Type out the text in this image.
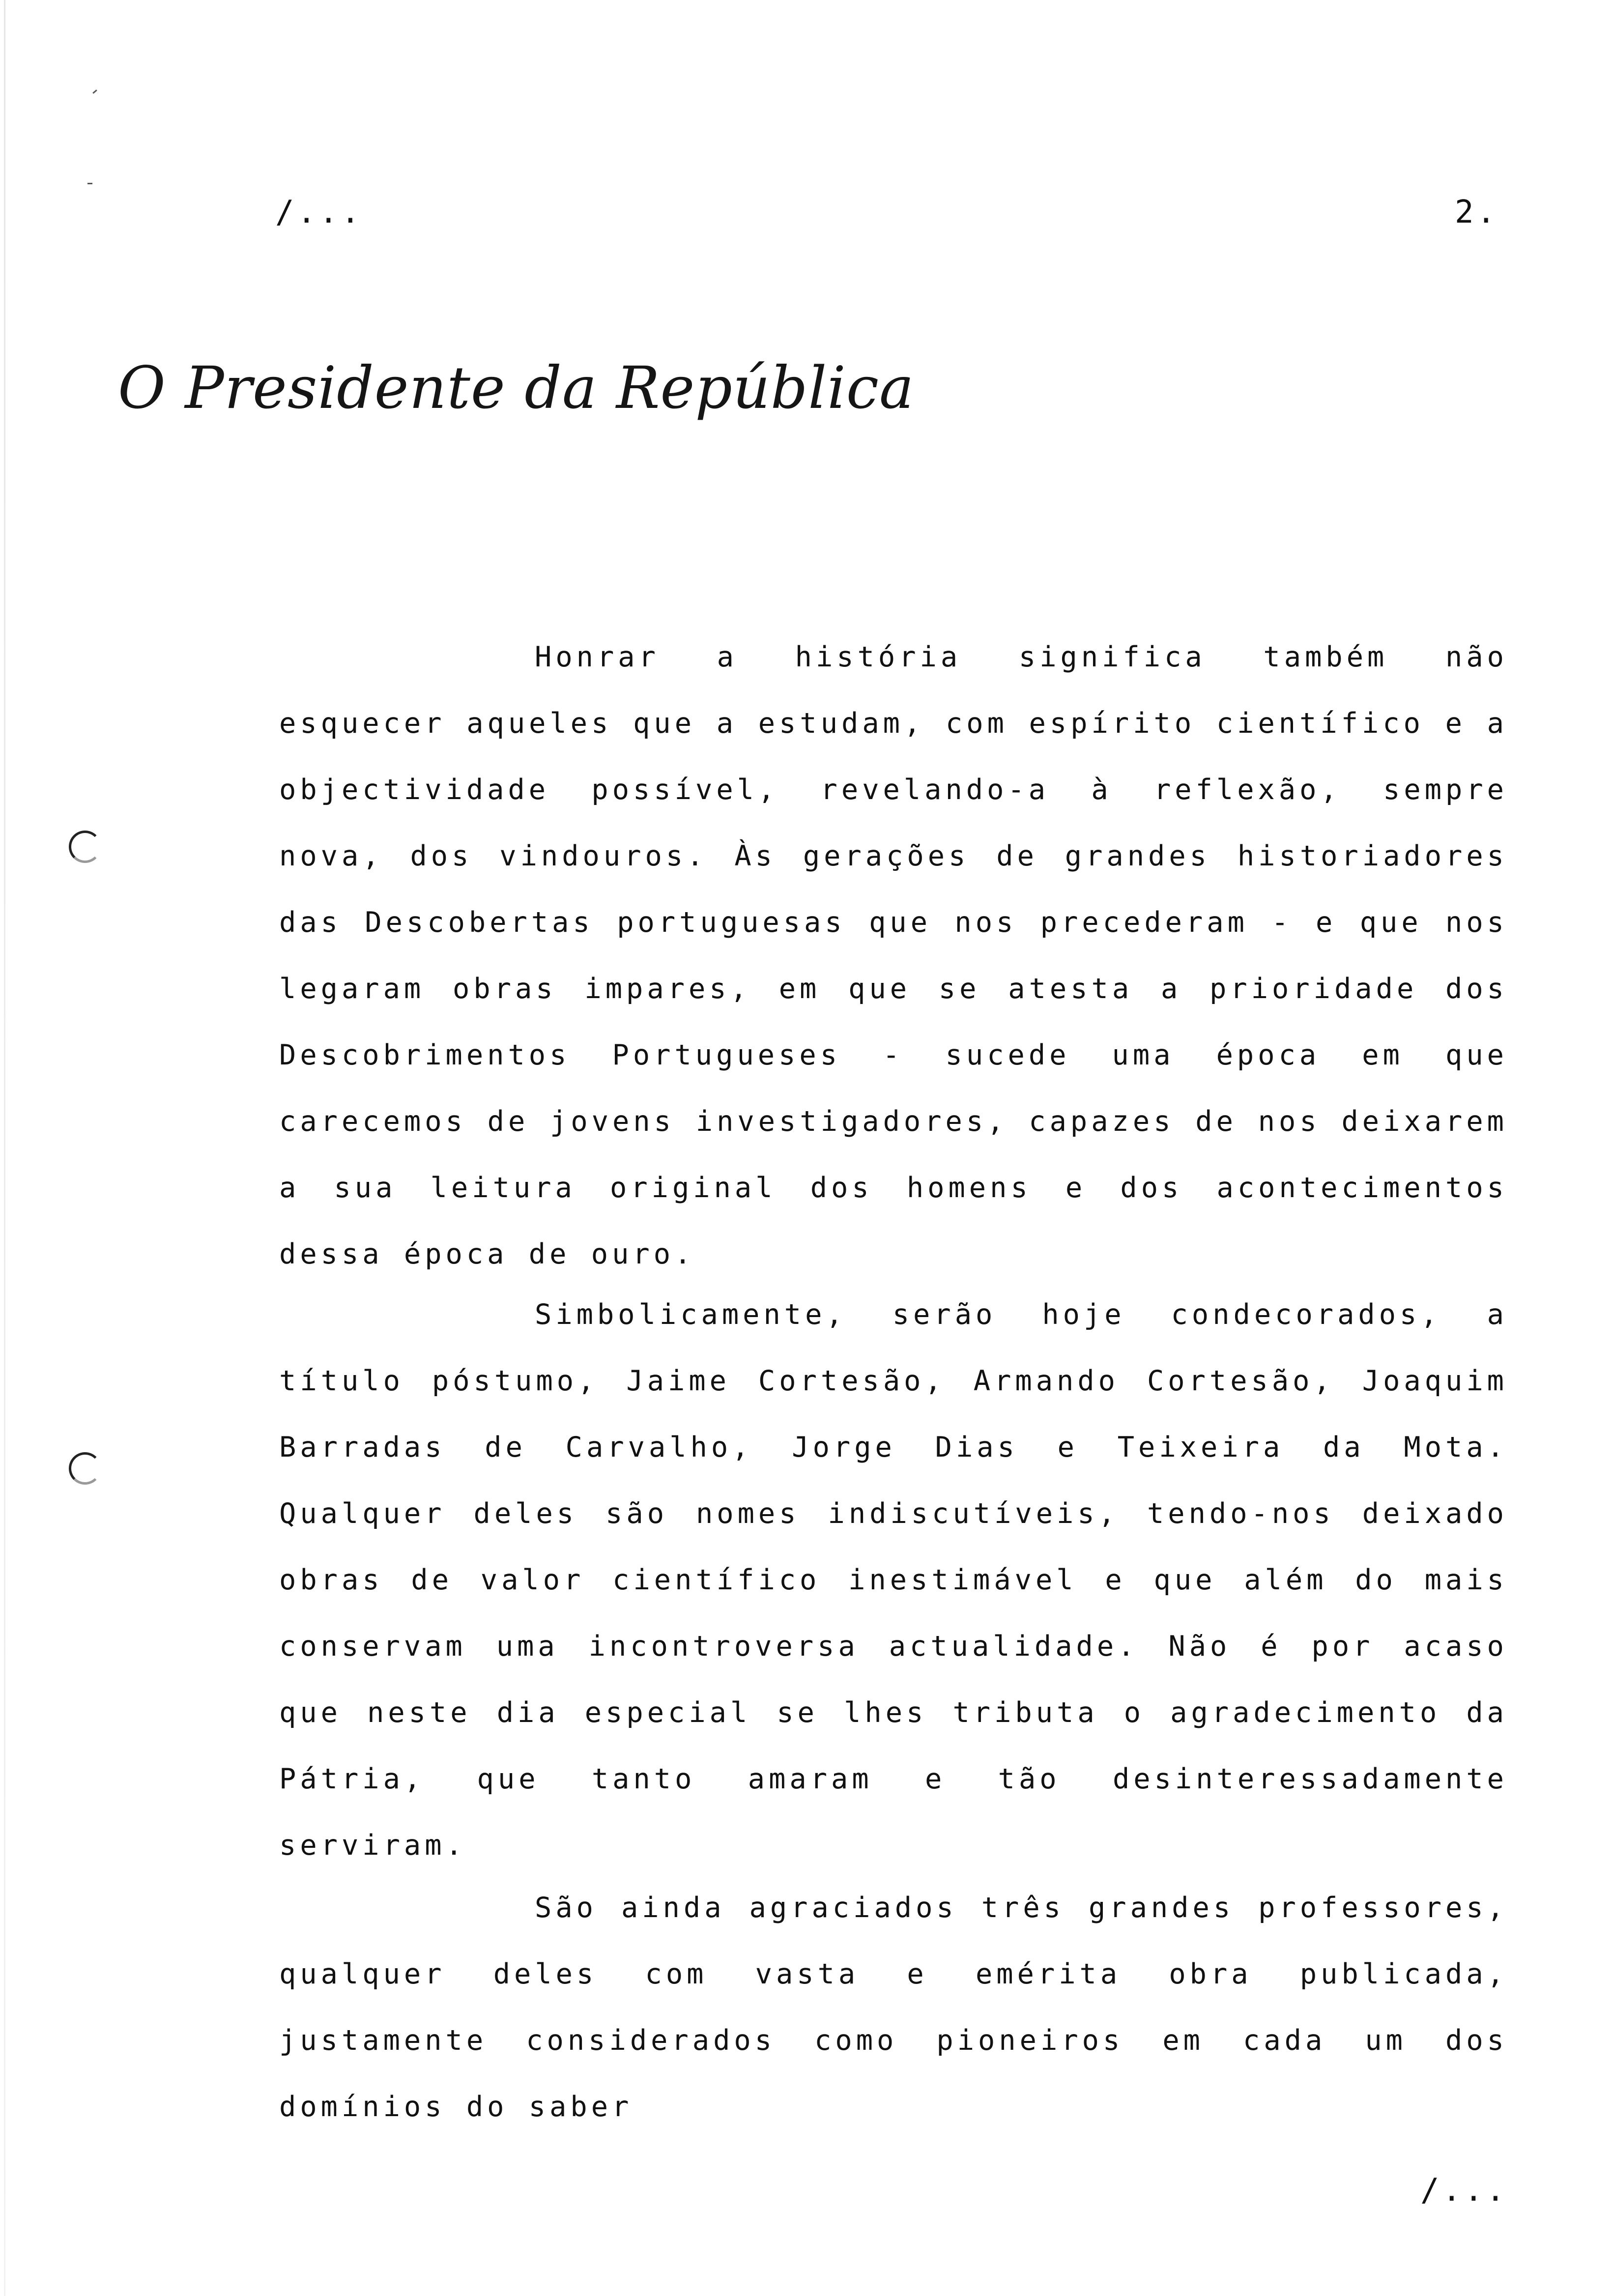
/...	2.
O Presidente da República

Honrar a história significa também não esquecer aqueles que a estudam, com espírito científico e a objectividade possível, revelando-a à reflexão, sempre nova, dos vindouros. Às gerações de grandes historiadores das Descobertas portuguesas que nos precederam - e que nos legaram obras impares, em que se atesta a prioridade dos Descobrimentos Portugueses - sucede uma época em que carecemos de jovens investigadores, capazes de nos deixarem a sua leitura original dos homens e dos acontecimentos dessa época de ouro.

Simbolicamente, serão hoje condecorados, a título póstumo, Jaime Cortesão, Armando Cortesão, Joaquim Barradas de Carvalho, Jorge Dias e Teixeira da Mota. Qualquer deles são nomes indiscutíveis, tendo-nos deixado obras de valor científico inestimável e que além do mais conservam uma incontroversa actualidade. Não é por acaso que neste dia especial se lhes tributa o agradecimento da Pátria, que tanto amaram e tão desinteressadamente serviram.

São ainda agraciados três grandes professores, qualquer deles com vasta e emérita obra publicada, justamente considerados como pioneiros em cada um dos domínios do saber

/...
